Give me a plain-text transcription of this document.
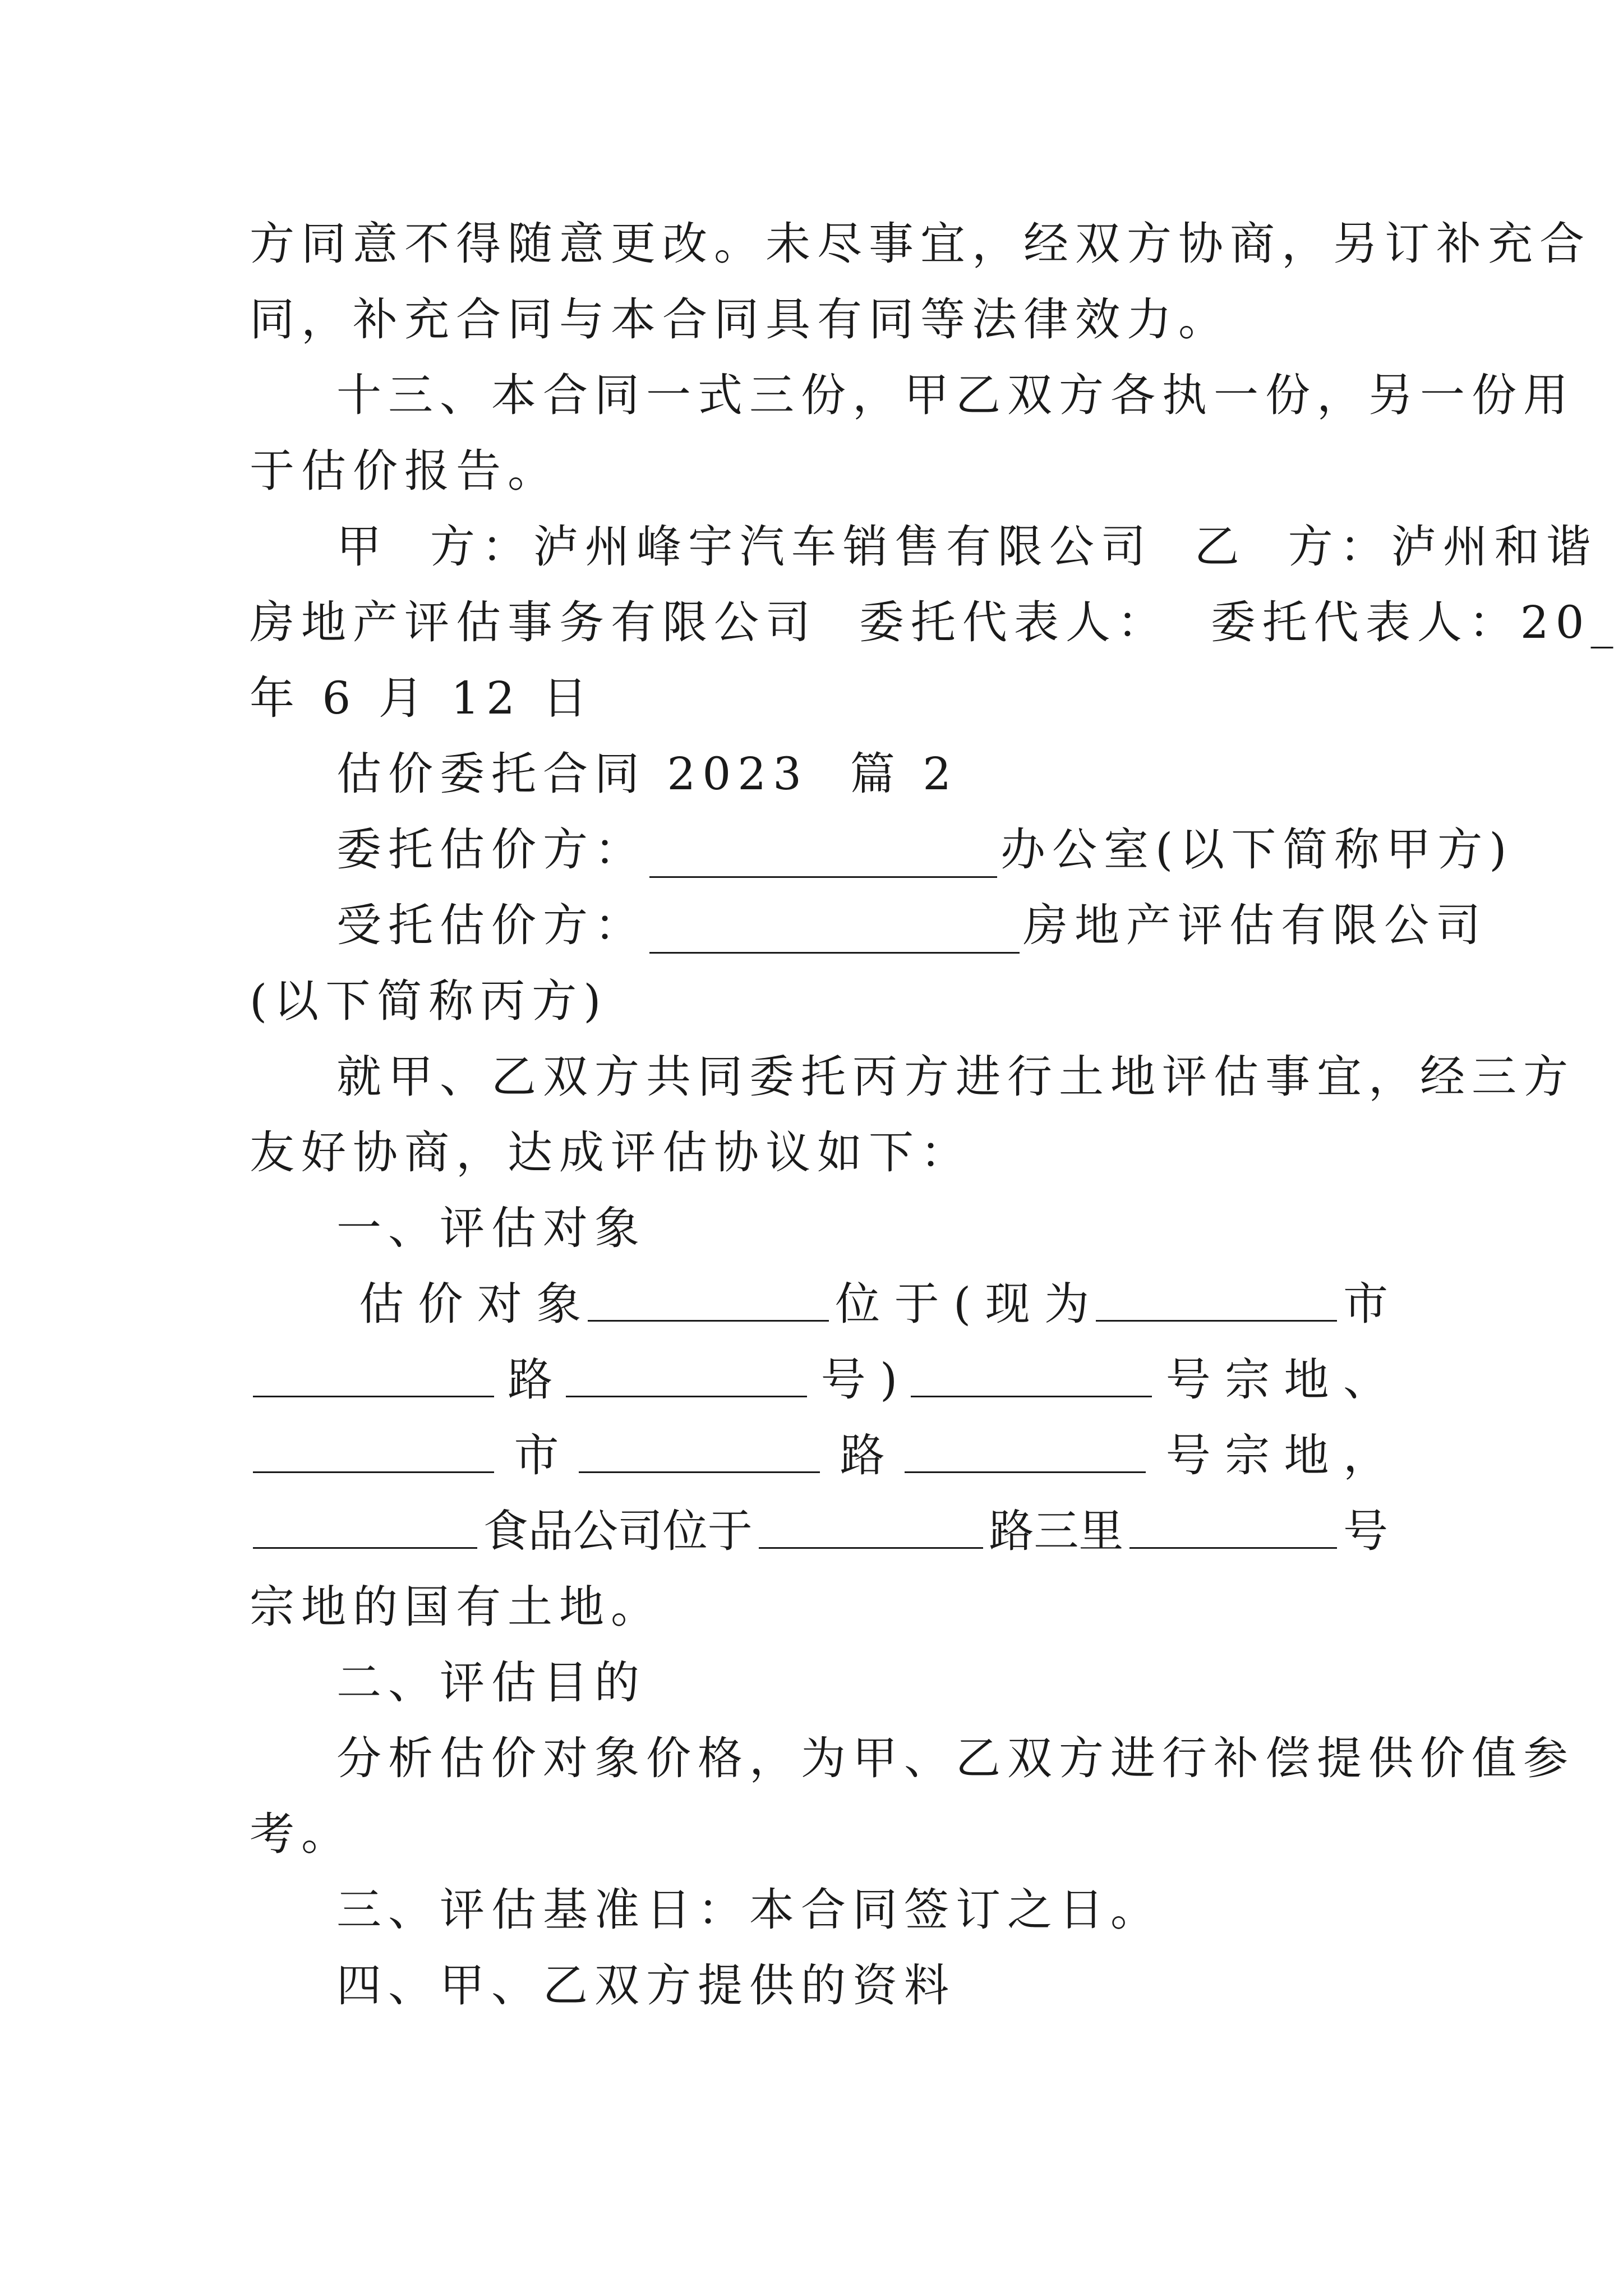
方同意不得随意更改。未尽事宜，经双方协商，另订补充合
同，补充合同与本合同具有同等法律效力。
十三、本合同一式三份，甲乙双方各执一份，另一份用
于估价报告。
甲  方：泸州峰宇汽车销售有限公司  乙  方：泸州和谐
房地产评估事务有限公司  委托代表人：  委托代表人：20_
年 6 月 12 日
估价委托合同 2023  篇 2
委托估价方：	办公室(以下简称甲方)
受托估价方：	房地产评估有限公司
(以下简称丙方)
就甲、乙双方共同委托丙方进行土地评估事宜，经三方
友好协商，达成评估协议如下：
一、评估对象
估 价 对 象	位 于 ( 现 为	市
路	号 )	号 宗 地 、
市	路	号 宗 地 ，
食品公司位于	路三里	号
宗地的国有土地。
二、评估目的
分析估价对象价格，为甲、乙双方进行补偿提供价值参
考。
三、评估基准日：本合同签订之日。
四、甲、乙双方提供的资料
